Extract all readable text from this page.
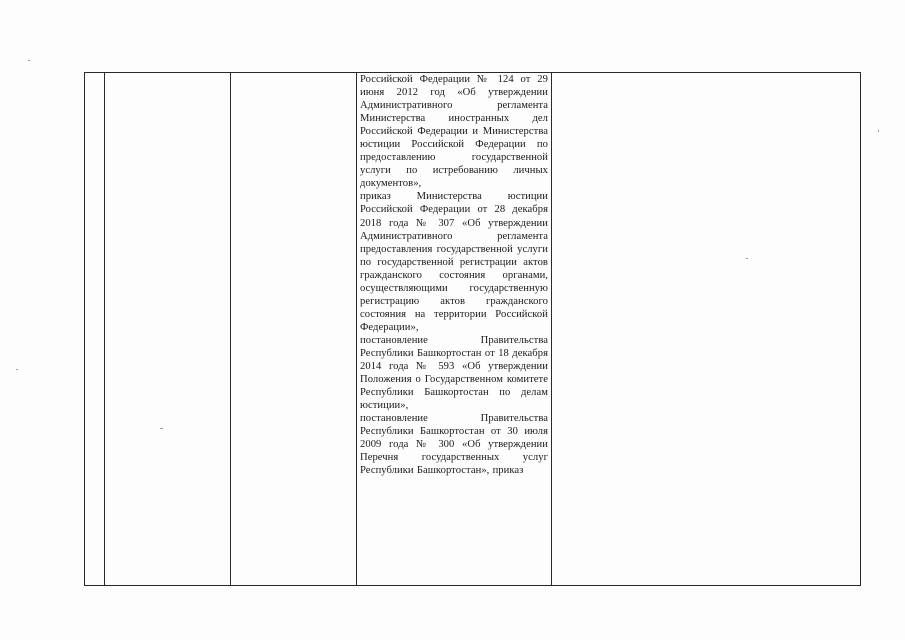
Российской Федерации № 124 от 29 июня 2012 год «Об утверждении Административного регламента Министерства иностранных дел Российской Федерации и Министерства юстиции Российской Федерации по предоставлению государственной услуги по истребованию личных документов»,

приказ Министерства юстиции Российской Федерации от 28 декабря 2018 года № 307 «Об утверждении Административного регламента предоставления государственной услуги по государственной регистрации актов гражданского состояния органами, осуществляющими государственную регистрацию актов гражданского состояния на территории Российской Федерации»,

постановление Правительства Республики Башкортостан от 18 декабря 2014 года № 593 «Об утверждении Положения о Государственном комитете Республики Башкортостан по делам юстиции»,

постановление Правительства Республики Башкортостан от 30 июля 2009 года № 300 «Об утверждении Перечня государственных услуг Республики Башкортостан», приказ
